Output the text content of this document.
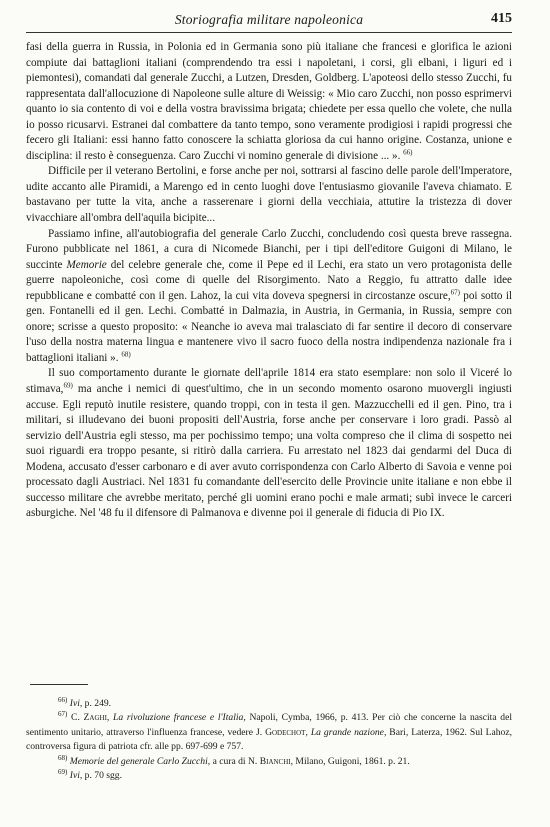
Storiografia militare napoleonica	415

fasi della guerra in Russia, in Polonia ed in Germania sono più italiane che francesi e glorifica le azioni compiute dai battaglioni italiani (comprendendo tra essi i napoletani, i corsi, gli elbani, i liguri ed i piemontesi), comandati dal generale Zucchi, a Lutzen, Dresden, Goldberg. L'apoteosi dello stesso Zucchi, fu rappresentata dall'allocuzione di Napoleone sulle alture di Weissig: « Mio caro Zucchi, non posso esprimervi quanto io sia contento di voi e della vostra bravissima brigata; chiedete per essa quello che volete, che nulla io posso ricusarvi. Estranei dal combattere da tanto tempo, sono veramente prodigiosi i rapidi progressi che fecero gli Italiani: essi hanno fatto conoscere la schiatta gloriosa da cui hanno origine. Costanza, unione e disciplina: il resto è conseguenza. Caro Zucchi vi nomino generale di divisione ... ». $^{66)}$

Difficile per il veterano Bertolini, e forse anche per noi, sottrarsi al fascino delle parole dell'Imperatore, udite accanto alle Piramidi, a Marengo ed in cento luoghi dove l'entusiasmo giovanile l'aveva chiamato. E bastavano per tutte la vita, anche a rasserenare i giorni della vecchiaia, attutire la tristezza di dover vivacchiare all'ombra dell'aquila bicipite...

Passiamo infine, all'autobiografia del generale Carlo Zucchi, concludendo così questa breve rassegna. Furono pubblicate nel 1861, a cura di Nicomede Bianchi, per i tipi dell'editore Guigoni di Milano, le succinte Memorie del celebre generale che, come il Pepe ed il Lechi, era stato un vero protagonista delle guerre napoleoniche, così come di quelle del Risorgimento. Nato a Reggio, fu attratto dalle idee repubblicane e combatté con il gen. Lahoz, la cui vita doveva spegnersi in circostanze oscure,$^{67)}$ poi sotto il gen. Fontanelli ed il gen. Lechi. Combatté in Dalmazia, in Austria, in Germania, in Russia, sempre con onore; scrisse a questo proposito: « Neanche io aveva mai tralasciato di far sentire il decoro di conservare l'uso della nostra materna lingua e mantenere vivo il sacro fuoco della nostra indipendenza nazionale fra i battaglioni italiani ». $^{68)}$

Il suo comportamento durante le giornate dell'aprile 1814 era stato esemplare: non solo il Viceré lo stimava,$^{69)}$ ma anche i nemici di quest'ultimo, che in un secondo momento osarono muovergli ingiusti accuse. Egli reputò inutile resistere, quando troppi, con in testa il gen. Mazzucchelli ed il gen. Pino, tra i militari, si illudevano dei buoni propositi dell'Austria, forse anche per conservare i loro gradi. Passò al servizio dell'Austria egli stesso, ma per pochissimo tempo; una volta compreso che il clima di sospetto nei suoi riguardi era troppo pesante, si ritirò dalla carriera. Fu arrestato nel 1823 dai gendarmi del Duca di Modena, accusato d'esser carbonaro e di aver avuto corrispondenza con Carlo Alberto di Savoia e venne poi processato dagli Austriaci. Nel 1831 fu comandante dell'esercito delle Provincie unite italiane e non ebbe il successo militare che avrebbe meritato, perché gli uomini erano pochi e male armati; subì invece le carceri asburgiche. Nel '48 fu il difensore di Palmanova e divenne poi il generale di fiducia di Pio IX.

$^{66)}$ Ivi, p. 249.

$^{67)}$ C. Zaghi, La rivoluzione francese e l'Italia, Napoli, Cymba, 1966, p. 413. Per ciò che concerne la nascita del sentimento unitario, attraverso l'influenza francese, vedere J. Godechot, La grande nazione, Bari, Laterza, 1962. Sul Lahoz, controversa figura di patriota cfr. alle pp. 697-699 e 757.

$^{68)}$ Memorie del generale Carlo Zucchi, a cura di N. Bianchi, Milano, Guigoni, 1861. p. 21.

$^{69)}$ Ivi, p. 70 sgg.
